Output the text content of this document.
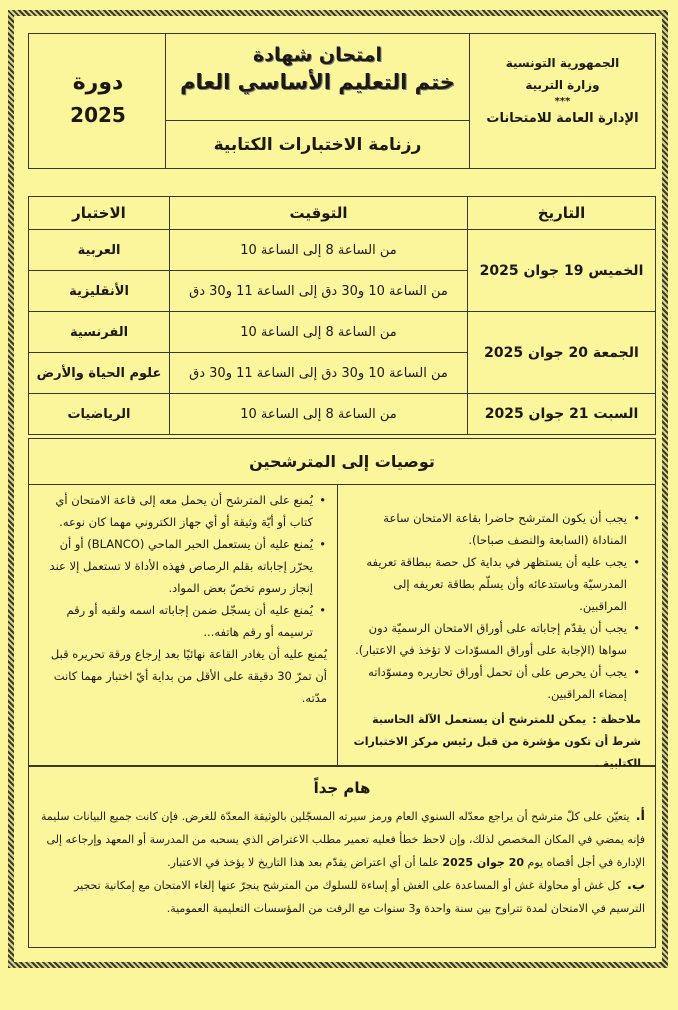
الجمهورية التونسية
وزارة التربية
***
الإدارة العامة للامتحانات
امتحان شهادة
ختم التعليم الأساسي العام
رزنامة الاختبارات الكتابية
دورة
2025
التاريخ	التوقيت	الاختبار
الخميس 19 جوان 2025	من الساعة 8 إلى الساعة 10	العربية
	من الساعة 10 و30 دق إلى الساعة 11 و30 دق	الأنقليزية
الجمعة 20 جوان 2025	من الساعة 8 إلى الساعة 10	الفرنسية
	من الساعة 10 و30 دق إلى الساعة 11 و30 دق	علوم الحياة والأرض
السبت 21 جوان 2025	من الساعة 8 إلى الساعة 10	الرياضيات
توصيات إلى المترشحين
• يجب أن يكون المترشح حاضرا بقاعة الامتحان ساعة المناداة (السابعة والنصف صباحا).
• يجب عليه أن يستظهر في بداية كل حصة ببطاقة تعريفه المدرسيّة وباستدعائه وأن يسلّم بطاقة تعريفه إلى المراقبين.
• يجب أن يقدّم إجاباته على أوراق الامتحان الرسميّة دون سواها (الإجابة على أوراق المسوّدات لا تؤخذ في الاعتبار).
• يجب أن يحرص على أن تحمل أوراق تحاريره ومسوّداته إمضاء المراقبين.
ملاحظة :يمكن للمترشح أن يستعمل الآلة الحاسبة شرط أن تكون مؤشرة من قبل رئيس مركز الاختبارات الكتابية .
• يُمنع على المترشح أن يحمل معه إلى قاعة الامتحان أي كتاب أو أيّة وثيقة أو أي جهاز الكتروني مهما كان نوعه.
• يُمنع عليه أن يستعمل الحبر الماحي (BLANCO) أو أن يحرّر إجاباته بقلم الرصاص فهذه الأداة لا تستعمل إلا عند إنجاز رسوم تخصّ بعض المواد.
• يُمنع عليه أن يسجّل ضمن إجاباته اسمه ولقبه أو رقم ترسيمه أو رقم هاتفه...
يُمنع عليه أن يغادر القاعة نهائيًا بعد إرجاع ورقة تحريره قبل أن تمرّ 30 دقيقة على الأقل من بداية أيّ اختبار مهما كانت مدّته.
هام جداً
أ.يتعيّن على كلّ مترشح أن يراجع معدّله السنوي العام ورمز سيرته المسجّلين بالوثيقة المعدّة للغرض. فإن كانت جميع البيانات سليمة فإنه يمضي في المكان المخصص لذلك، وإن لاحظ خطأ فعليه تعمير مطلب الاعتراض الذي يسحبه من المدرسة أو المعهد وإرجاعه إلى الإدارة في أجل أقصاه يوم 20 جوان 2025 علما أن أي اعتراض يقدّم بعد هذا التاريخ لا يؤخذ في الاعتبار.
ب.كل غش أو محاولة غش أو المساعدة على الغش أو إساءة للسلوك من المترشح ينجرّ عنها إلغاء الامتحان مع إمكانية تحجير الترسيم في الامتحان لمدة تتراوح بين سنة واحدة و3 سنوات مع الرفت من المؤسسات التعليمية العمومية.
